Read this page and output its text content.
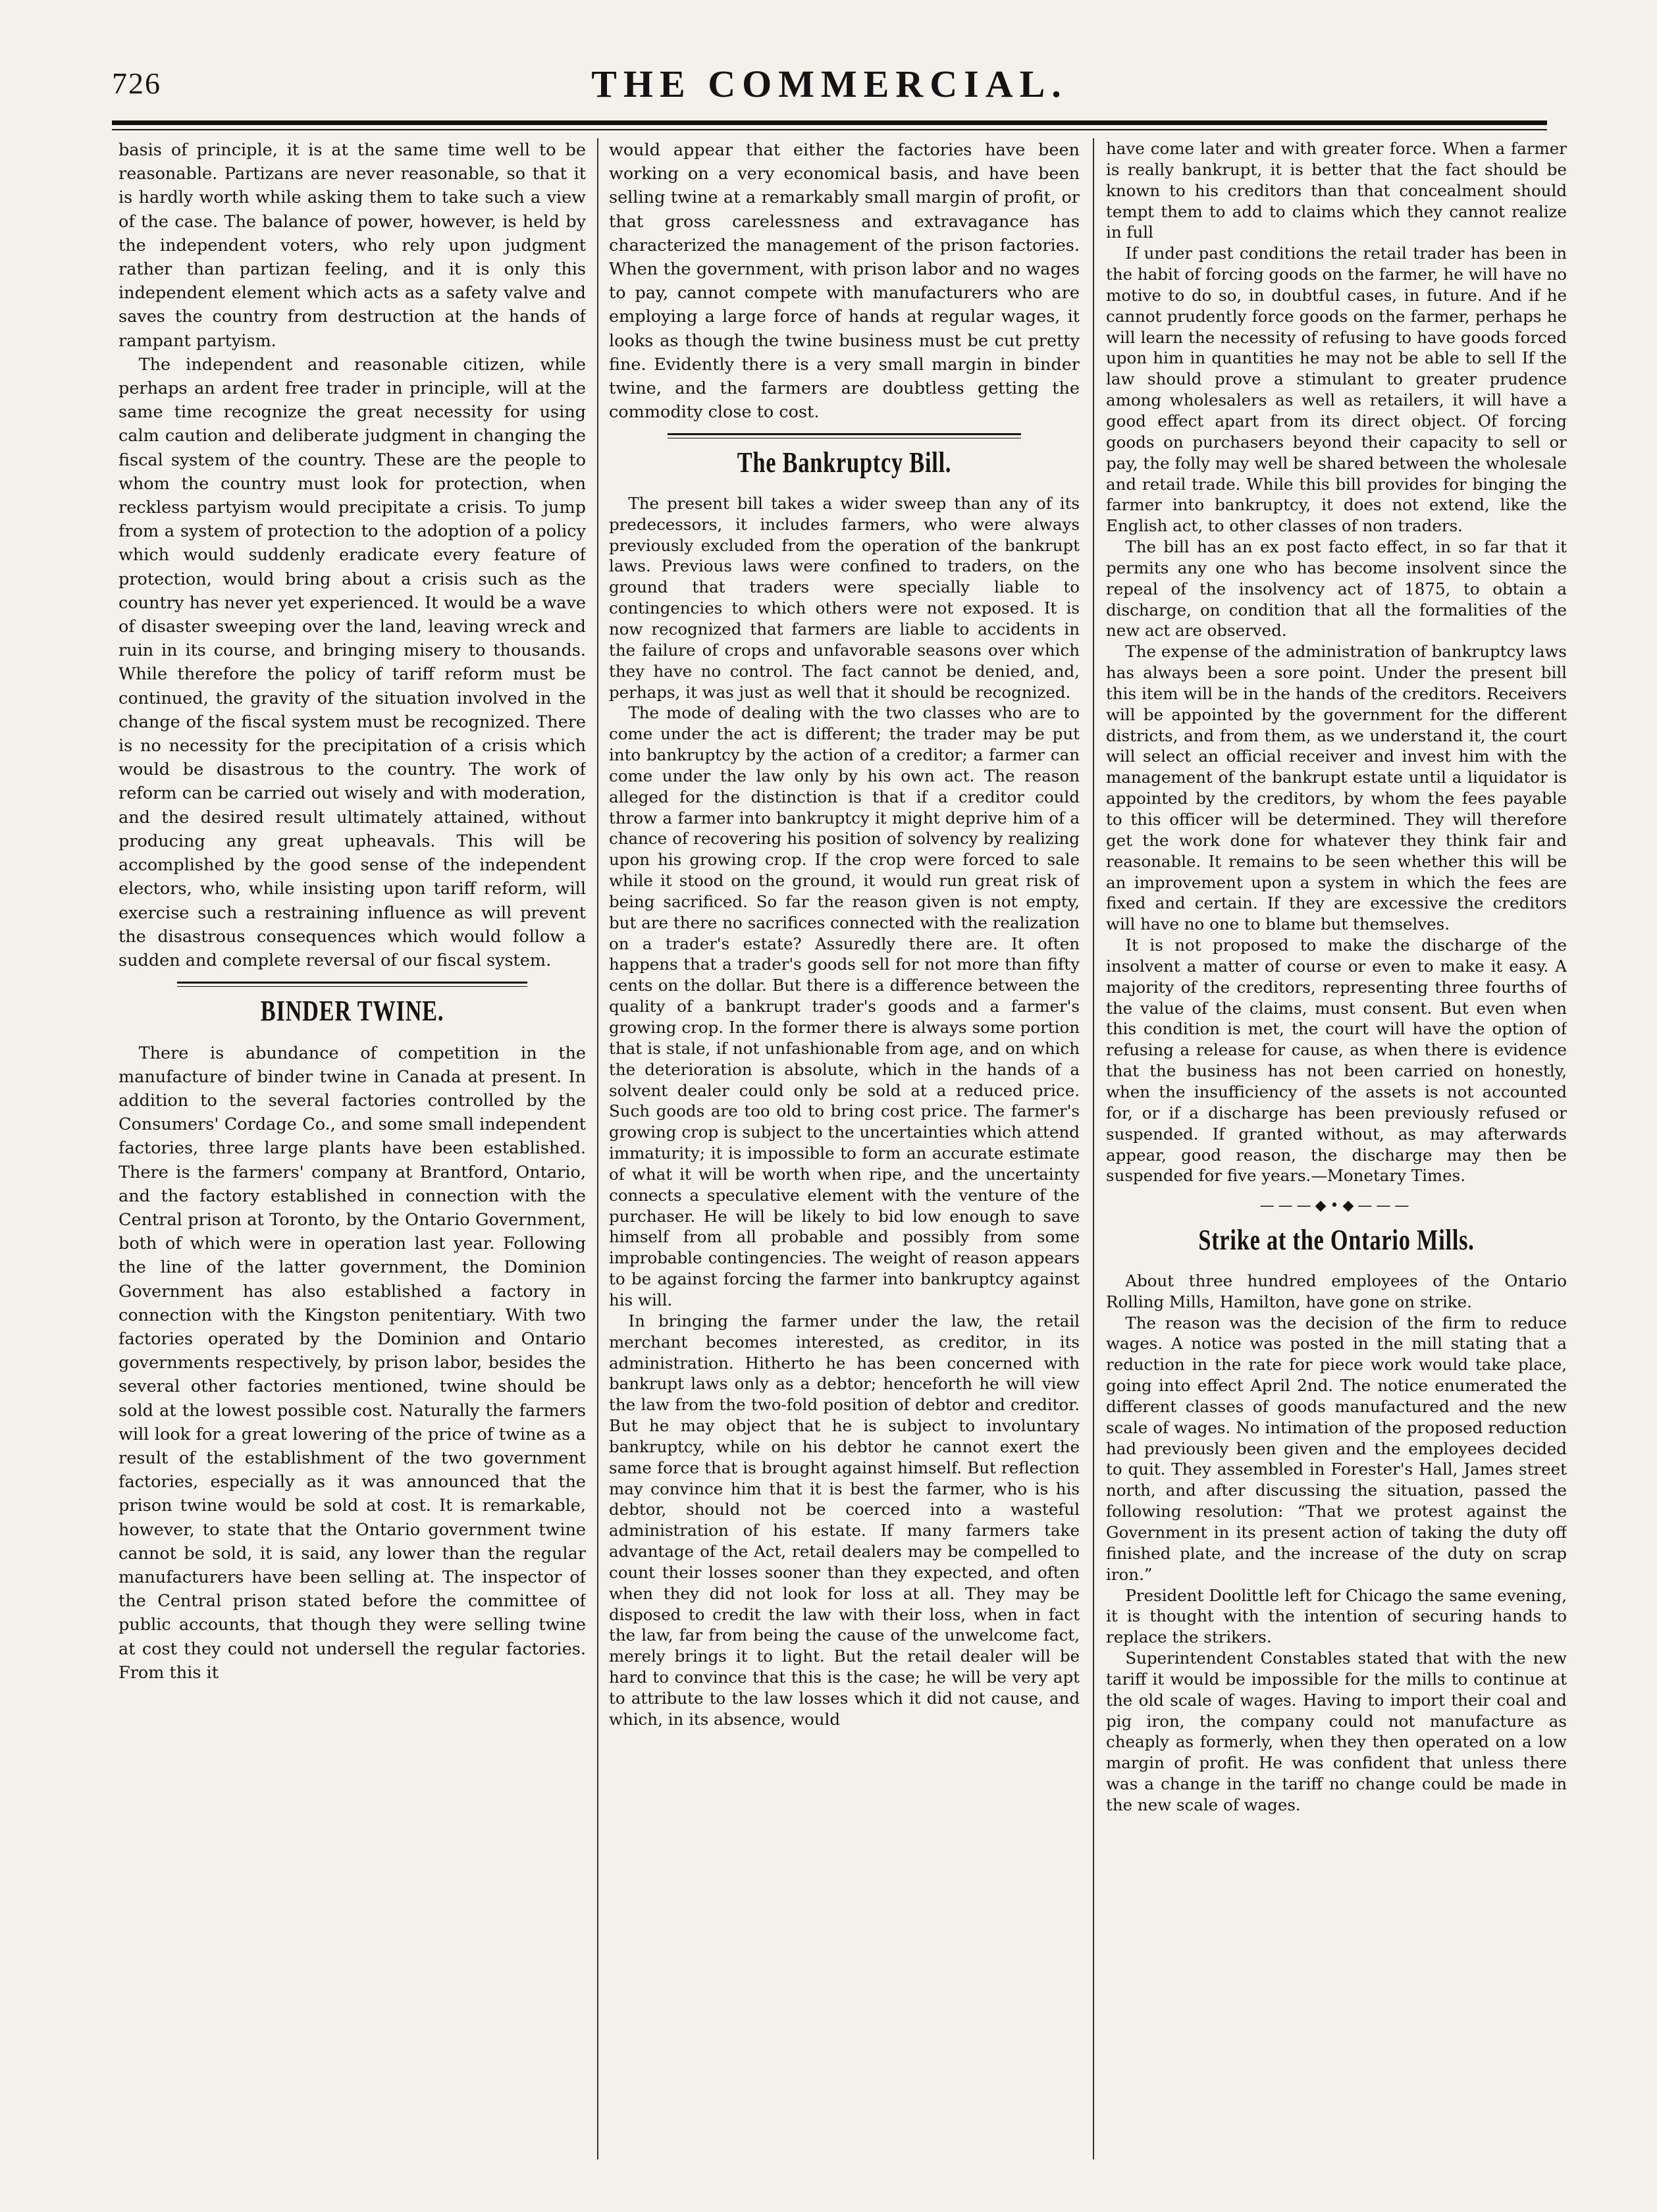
726	THE COMMERCIAL.

basis of principle, it is at the same time well to be reasonable. Partizans are never reasonable, so that it is hardly worth while asking them to take such a view of the case. The balance of power, however, is held by the independent voters, who rely upon judgment rather than partizan feeling, and it is only this independent element which acts as a safety valve and saves the country from destruction at the hands of rampant partyism.

The independent and reasonable citizen, while perhaps an ardent free trader in principle, will at the same time recognize the great necessity for using calm caution and deliberate judgment in changing the fiscal system of the country. These are the people to whom the country must look for protection, when reckless partyism would precipitate a crisis. To jump from a system of protection to the adoption of a policy which would suddenly eradicate every feature of protection, would bring about a crisis such as the country has never yet experienced. It would be a wave of disaster sweeping over the land, leaving wreck and ruin in its course, and bringing misery to thousands. While therefore the policy of tariff reform must be continued, the gravity of the situation involved in the change of the fiscal system must be recognized. There is no necessity for the precipitation of a crisis which would be disastrous to the country. The work of reform can be carried out wisely and with moderation, and the desired result ultimately attained, without producing any great upheavals. This will be accomplished by the good sense of the independent electors, who, while insisting upon tariff reform, will exercise such a restraining influence as will prevent the disastrous consequences which would follow a sudden and complete reversal of our fiscal system.

BINDER TWINE.

There is abundance of competition in the manufacture of binder twine in Canada at present. In addition to the several factories controlled by the Consumers' Cordage Co., and some small independent factories, three large plants have been established. There is the farmers' company at Brantford, Ontario, and the factory established in connection with the Central prison at Toronto, by the Ontario Government, both of which were in operation last year. Following the line of the latter government, the Dominion Government has also established a factory in connection with the Kingston penitentiary. With two factories operated by the Dominion and Ontario governments respectively, by prison labor, besides the several other factories mentioned, twine should be sold at the lowest possible cost. Naturally the farmers will look for a great lowering of the price of twine as a result of the establishment of the two government factories, especially as it was announced that the prison twine would be sold at cost. It is remarkable, however, to state that the Ontario government twine cannot be sold, it is said, any lower than the regular manufacturers have been selling at. The inspector of the Central prison stated before the committee of public accounts, that though they were selling twine at cost they could not undersell the regular factories. From this it

would appear that either the factories have been working on a very economical basis, and have been selling twine at a remarkably small margin of profit, or that gross carelessness and extravagance has characterized the management of the prison factories. When the government, with prison labor and no wages to pay, cannot compete with manufacturers who are employing a large force of hands at regular wages, it looks as though the twine business must be cut pretty fine. Evidently there is a very small margin in binder twine, and the farmers are doubtless getting the commodity close to cost.

The Bankruptcy Bill.

The present bill takes a wider sweep than any of its predecessors, it includes farmers, who were always previously excluded from the operation of the bankrupt laws. Previous laws were confined to traders, on the ground that traders were specially liable to contingencies to which others were not exposed. It is now recognized that farmers are liable to accidents in the failure of crops and unfavorable seasons over which they have no control. The fact cannot be denied, and, perhaps, it was just as well that it should be recognized.

The mode of dealing with the two classes who are to come under the act is different; the trader may be put into bankruptcy by the action of a creditor; a farmer can come under the law only by his own act. The reason alleged for the distinction is that if a creditor could throw a farmer into bankruptcy it might deprive him of a chance of recovering his position of solvency by realizing upon his growing crop. If the crop were forced to sale while it stood on the ground, it would run great risk of being sacrificed. So far the reason given is not empty, but are there no sacrifices connected with the realization on a trader's estate? Assuredly there are. It often happens that a trader's goods sell for not more than fifty cents on the dollar. But there is a difference between the quality of a bankrupt trader's goods and a farmer's growing crop. In the former there is always some portion that is stale, if not unfashionable from age, and on which the deterioration is absolute, which in the hands of a solvent dealer could only be sold at a reduced price. Such goods are too old to bring cost price. The farmer's growing crop is subject to the uncertainties which attend immaturity; it is impossible to form an accurate estimate of what it will be worth when ripe, and the uncertainty connects a speculative element with the venture of the purchaser. He will be likely to bid low enough to save himself from all probable and possibly from some improbable contingencies. The weight of reason appears to be against forcing the farmer into bankruptcy against his will.

In bringing the farmer under the law, the retail merchant becomes interested, as creditor, in its administration. Hitherto he has been concerned with bankrupt laws only as a debtor; henceforth he will view the law from the two-fold position of debtor and creditor. But he may object that he is subject to involuntary bankruptcy, while on his debtor he cannot exert the same force that is brought against himself. But reflection may convince him that it is best the farmer, who is his debtor, should not be coerced into a wasteful administration of his estate. If many farmers take advantage of the Act, retail dealers may be compelled to count their losses sooner than they expected, and often when they did not look for loss at all. They may be disposed to credit the law with their loss, when in fact the law, far from being the cause of the unwelcome fact, merely brings it to light. But the retail dealer will be hard to convince that this is the case; he will be very apt to attribute to the law losses which it did not cause, and which, in its absence, would

have come later and with greater force. When a farmer is really bankrupt, it is better that the fact should be known to his creditors than that concealment should tempt them to add to claims which they cannot realize in full

If under past conditions the retail trader has been in the habit of forcing goods on the farmer, he will have no motive to do so, in doubtful cases, in future. And if he cannot prudently force goods on the farmer, perhaps he will learn the necessity of refusing to have goods forced upon him in quantities he may not be able to sell If the law should prove a stimulant to greater prudence among wholesalers as well as retailers, it will have a good effect apart from its direct object. Of forcing goods on purchasers beyond their capacity to sell or pay, the folly may well be shared between the wholesale and retail trade. While this bill provides for binging the farmer into bankruptcy, it does not extend, like the English act, to other classes of non traders.

The bill has an ex post facto effect, in so far that it permits any one who has become insolvent since the repeal of the insolvency act of 1875, to obtain a discharge, on condition that all the formalities of the new act are observed.

The expense of the administration of bankruptcy laws has always been a sore point. Under the present bill this item will be in the hands of the creditors. Receivers will be appointed by the government for the different districts, and from them, as we understand it, the court will select an official receiver and invest him with the management of the bankrupt estate until a liquidator is appointed by the creditors, by whom the fees payable to this officer will be determined. They will therefore get the work done for whatever they think fair and reasonable. It remains to be seen whether this will be an improvement upon a system in which the fees are fixed and certain. If they are excessive the creditors will have no one to blame but themselves.

It is not proposed to make the discharge of the insolvent a matter of course or even to make it easy. A majority of the creditors, representing three fourths of the value of the claims, must consent. But even when this condition is met, the court will have the option of refusing a release for cause, as when there is evidence that the business has not been carried on honestly, when the insufficiency of the assets is not accounted for, or if a discharge has been previously refused or suspended. If granted without, as may afterwards appear, good reason, the discharge may then be suspended for five years.—Monetary Times.

———◆•◆———
Strike at the Ontario Mills.

About three hundred employees of the Ontario Rolling Mills, Hamilton, have gone on strike.

The reason was the decision of the firm to reduce wages. A notice was posted in the mill stating that a reduction in the rate for piece work would take place, going into effect April 2nd. The notice enumerated the different classes of goods manufactured and the new scale of wages. No intimation of the proposed reduction had previously been given and the employees decided to quit. They assembled in Forester's Hall, James street north, and after discussing the situation, passed the following resolution: “That we protest against the Government in its present action of taking the duty off finished plate, and the increase of the duty on scrap iron.”

President Doolittle left for Chicago the same evening, it is thought with the intention of securing hands to replace the strikers.

Superintendent Constables stated that with the new tariff it would be impossible for the mills to continue at the old scale of wages. Having to import their coal and pig iron, the company could not manufacture as cheaply as formerly, when they then operated on a low margin of profit. He was confident that unless there was a change in the tariff no change could be made in the new scale of wages.
